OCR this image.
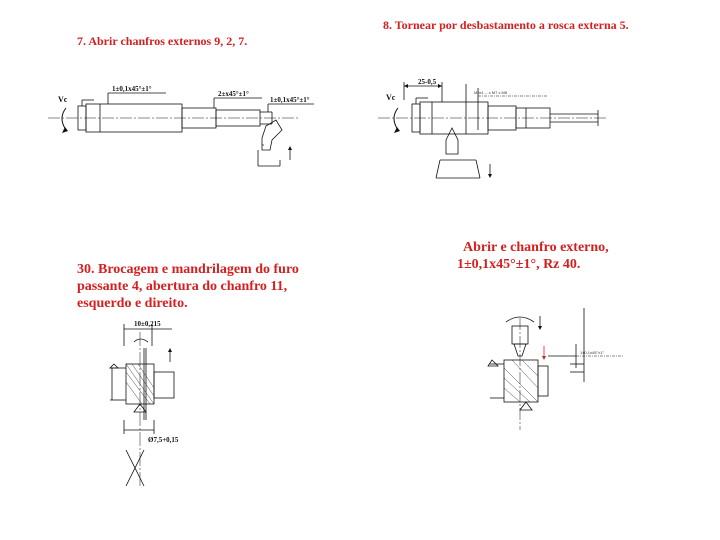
7. Abrir chanfros externos 9, 2, 7.

8. Tornear por desbastamento a rosca externa 5.

30. Brocagem e mandrilagem do furo
passante 4, abertura do chanfro 11,
esquerdo e direito.

Abrir e chanfro externo,
1±0,1x45°±1°, Rz 40.

Vc
1±0,1x45°±1°
2±x45°±1°
1±0,1x45°±1°
s
Vc
25-0,5
M6x1 -- x M7 x M8
10±0,215
Ø7,5+0,15
1±0,1x45°±1°
